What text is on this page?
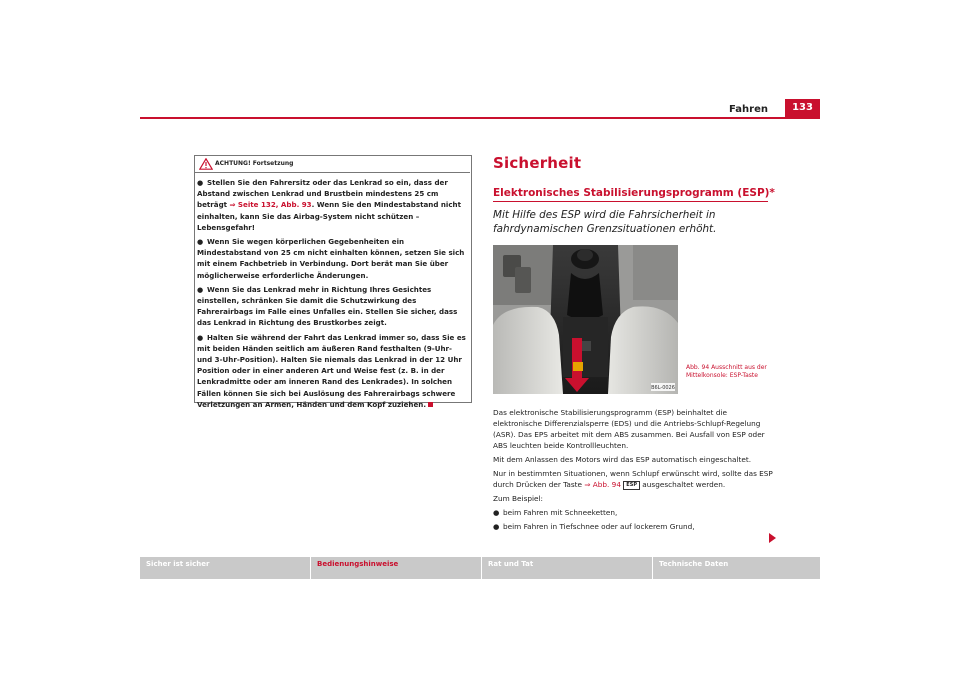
Fahren	133
ACHTUNG! Fortsetzung

● Stellen Sie den Fahrersitz oder das Lenkrad so ein, dass der Abstand zwischen Lenkrad und Brustbein mindestens 25 cm beträgt ⇒ Seite 132, Abb. 93. Wenn Sie den Mindestabstand nicht einhalten, kann Sie das Airbag-System nicht schützen – Lebensgefahr!

● Wenn Sie wegen körperlichen Gegebenheiten ein Mindestabstand von 25 cm nicht einhalten können, setzen Sie sich mit einem Fachbetrieb in Verbindung. Dort berät man Sie über möglicherweise erforderliche Änderungen.

● Wenn Sie das Lenkrad mehr in Richtung Ihres Gesichtes einstellen, schränken Sie damit die Schutzwirkung des Fahrerairbags im Falle eines Unfalles ein. Stellen Sie sicher, dass das Lenkrad in Richtung des Brustkorbes zeigt.

● Halten Sie während der Fahrt das Lenkrad immer so, dass Sie es mit beiden Händen seitlich am äußeren Rand festhalten (9-Uhr- und 3-Uhr-Position). Halten Sie niemals das Lenkrad in der 12 Uhr Position oder in einer anderen Art und Weise fest (z. B. in der Lenkradmitte oder am inneren Rand des Lenkrades). In solchen Fällen können Sie sich bei Auslösung des Fahrerairbags schwere Verletzungen an Armen, Händen und dem Kopf zuziehen.

Sicherheit
Elektronisches Stabilisierungsprogramm (ESP)*
Mit Hilfe des ESP wird die Fahrsicherheit in fahrdynamischen Grenzsituationen erhöht.
B6L-0026
Abb. 94 Ausschnitt aus der Mittelkonsole: ESP-Taste

Das elektronische Stabilisierungsprogramm (ESP) beinhaltet die elektronische Differenzialsperre (EDS) und die Antriebs-Schlupf-Regelung (ASR). Das EPS arbeitet mit dem ABS zusammen. Bei Ausfall von ESP oder ABS leuchten beide Kontrollleuchten.

Mit dem Anlassen des Motors wird das ESP automatisch eingeschaltet.

Nur in bestimmten Situationen, wenn Schlupf erwünscht wird, sollte das ESP durch Drücken der Taste ⇒ Abb. 94 ESP ausgeschaltet werden.

Zum Beispiel:

● beim Fahren mit Schneeketten,

● beim Fahren in Tiefschnee oder auf lockerem Grund,

Sicher ist sicher	Bedienungshinweise	Rat und Tat	Technische Daten
